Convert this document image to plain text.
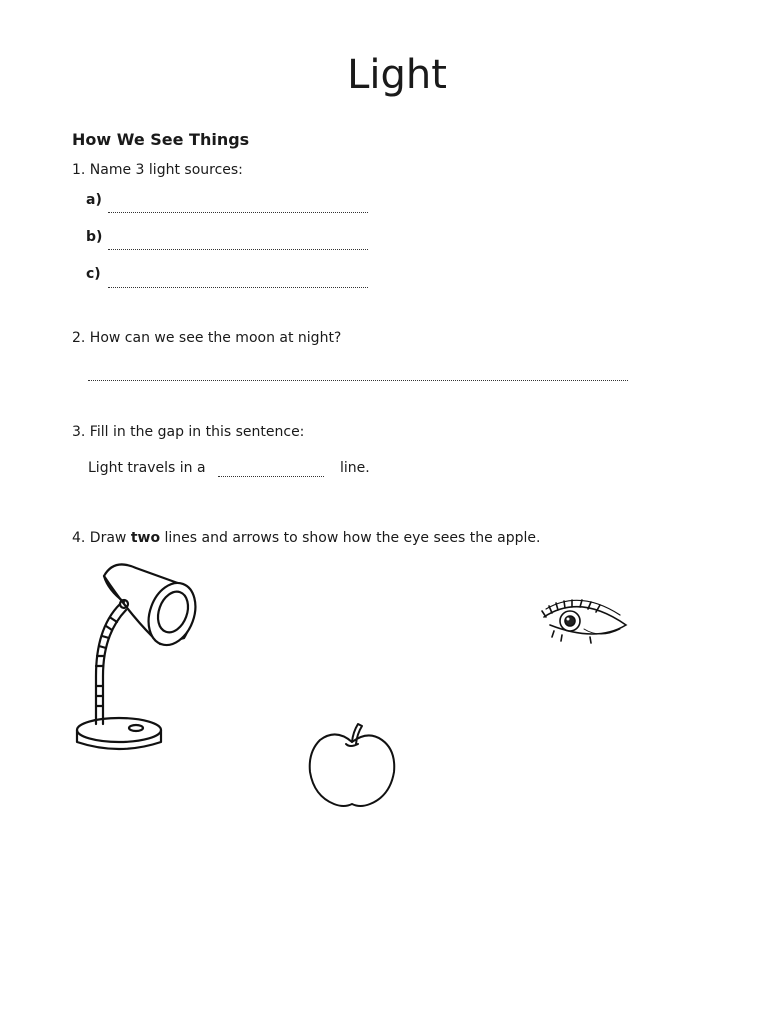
Light
How We See Things
1. Name 3 light sources:
a)
b)
c)
2. How can we see the moon at night?
3. Fill in the gap in this sentence:
Light travels in a	line.
4. Draw two lines and arrows to show how the eye sees the apple.
